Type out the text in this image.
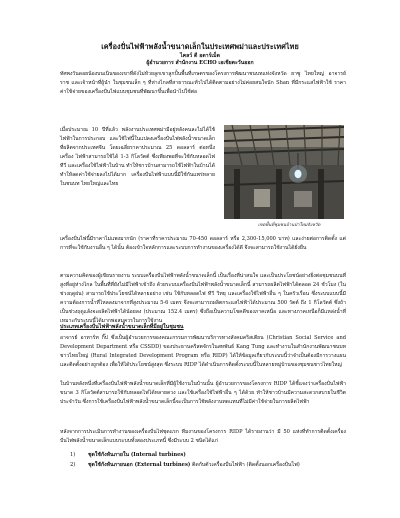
เครื่องปั่นไฟฟ้าพลังน้ำขนาดเล็กในประเทศพม่าและประเทศไทย
ไคลว์ ดี อดาร์เม็ด
ผู้อำนวยการ สำนักงาน ECHO เอเชียตะวันออก

ทัศพงวันดอยน้องบนเนินของเขาที่ดังไม่ห้วยลูกเขาลูกปั้นพื้นที่เกษตรของโครงการพัฒนาชนบทแห่งจังหวัด ยาซู ไทยใหญ่ อาจารย์ราช และเจ้าหน้าที่ผู้นำ ในชุมชนเล็ก ๆ ที่ห่างไกลที่สาธารณะทั่วไปได้ติดตามอย่างไม่ค่อยสนใจนัก Shan ที่มีกระแสไฟฟ้าใช้ ราคาค่าใช้จ่ายของเครื่องปั่นไฟแบบชุมชนที่พัฒนาขึ้นเพื่อนำไปใช้ต่อ

เมื่อประมาณ 10 ปีที่แล้ว พลังงานประเทศพม่ามีอยู่หลังคนละไม่ได้ใช้ไฟฟ้าในการประกอบ และใช้ไฟนี้ในแปลงเครื่องปั่นไฟพลังน้ำขนาดเล็กที่ผลิตจากประเทศจีน โดยเฉลี่ยราคาประมาณ 25 ดอลลาร์ ต่อหนึ่งเครื่อง ไฟฟ้าสามารถใช้ได้ 1-3 กิโลวัตต์ ซึ่งเพียงพอที่จะใช้กับหลอดไฟ ทีวี และเครื่องใช้ไฟฟ้าในบ้าน ทำให้ชาวบ้านสามารถใช้ไฟฟ้าในบ้านได้ ทำให้ลดค่าใช้จ่ายลงไปได้มาก เครื่องปั่นไฟฟ้าแบบนี้มีใช้กันแพร่หลายในชนบท ไทยใหญ่และไทย

เขตพื้นที่ชุมชนบ้านป่าใหม่จังหวัด

เครื่องปั่นไฟนี้มีราคาไม่แพงมากนัก (ราคาที่ราคาประมาณ 70-450 ดอลลาร์ หรือ 2,300-15,000 บาท) และง่ายต่อการติดตั้ง แต่การที่จะใช้กับงานอื่น ๆ ได้นั้น ต้องเข้าใจหลักการและระบบการทำงานของเครื่องได้ดี จึงจะสามารถใช้งานได้ยั่งยืน

ตามความคิดของผู้เขียนรายงาน ระบบเครื่องปั่นไฟฟ้าพลังน้ำขนาดเล็กนี้ เป็นเรื่องที่น่าสนใจ และเป็นประโยชน์อย่างยิ่งต่อชุมชนบนที่สูงที่อยู่ห่างไกล ในพื้นที่ที่ยังไม่มีไฟฟ้าเข้าถึง ด้วยระบบเครื่องปั่นไฟฟ้าพลังน้ำขนาดเล็กนี้ สามารถผลิตไฟฟ้าได้ตลอด 24 ชั่วโมง (ในช่วงฤดูฝน) สามารถใช้ประโยชน์ได้หลายอย่าง เช่น ใช้กับหลอดไฟ ทีวี วิทยุ และเครื่องใช้ไฟฟ้าอื่น ๆ ในครัวเรือน ซึ่งระบบแบบนี้มีความต้องการน้ำที่ไหลลงมาจากที่สูงประมาณ 5-6 เมตร จึงจะสามารถผลิตกระแสไฟฟ้าได้ประมาณ 500 วัตต์ ถึง 1 กิโลวัตต์ ซึ่งถ้าเป็นช่วงฤดูแล้งจะผลิตไฟฟ้าได้น้อยลง (ประมาณ 152.4 เมตร) ซึ่งถือเป็นความโชคดีของภาคเหนือ และทางภาคเหนือก็มีแหล่งน้ำที่เหมาะกับระบบนี้ได้มากพอสมควรในการใช้งาน

ประเภทเครื่องปั่นไฟฟ้าพลังน้ำขนาดเล็กที่มีอยู่ในชุมชน

อาจารย์ อาทาร์ท กิ๊ป ซึ่งเป็นผู้อำนวยการของคณะกรรมการพัฒนาบริการทางสังคมคริสเตียน (Christian Social Service and Development Department หรือ CSSDD) ของประธานคริสตจักรในสหพันธ์ Kang Tung และทำงานในสำนักงานพัฒนาชนบทชาวไทยใหญ่ (Rural Integrated Development Program หรือ RIDP) ได้ให้ข้อมูลเกี่ยวกับระบบนี้ว่าจำเป็นต้องมีการวางแผนและติดตั้งอย่างถูกต้อง เพื่อให้ได้ประโยชน์สูงสุด ซึ่งระบบ RIDP ได้ดำเนินการติดตั้งระบบนี้ในหลายหมู่บ้านของชุมชนชาวไทยใหญ่

ในบ้านหลังหนึ่งที่เครื่องปั่นไฟฟ้าพลังน้ำขนาดเล็กที่มีผู้ใช้งานในบ้านนั้น ผู้อำนวยการของโครงการ RIDP ได้ชี้แจงว่าเครื่องปั่นไฟฟ้าขนาด 3 กิโลวัตต์สามารถใช้กับหลอดไฟได้หลายดวง และใช้เครื่องใช้ไฟฟ้าอื่น ๆ ได้ด้วย ทำให้ชาวบ้านมีความสะดวกสบายในชีวิตประจำวัน ซึ่งการใช้เครื่องปั่นไฟฟ้าพลังน้ำขนาดเล็กนี้จะเป็นการใช้พลังงานทดแทนที่ไม่มีค่าใช้จ่ายในการผลิตไฟฟ้า

หลังจากการประเมินการทำงานของเครื่องปั่นไฟชุดแรก ทีมงานของโครงการ RIDP ได้รายงานว่า มี 50 แห่งที่ทำการติดตั้งเครื่องปั่นไฟพลังน้ำขนาดเล็กแบบระบบทั้งสองประเภทนี้ ซึ่งมีระบบ 2 ชนิดได้แก่

1)	ชุดใช้กังหันภายใน (Internal turbines)
2)	ชุดใช้กังหันภายนอก (External turbines) ติดกับตัวเครื่องปั่นไฟฟ้า (ติดตั้งนอกเครื่องปั่นไฟ)
